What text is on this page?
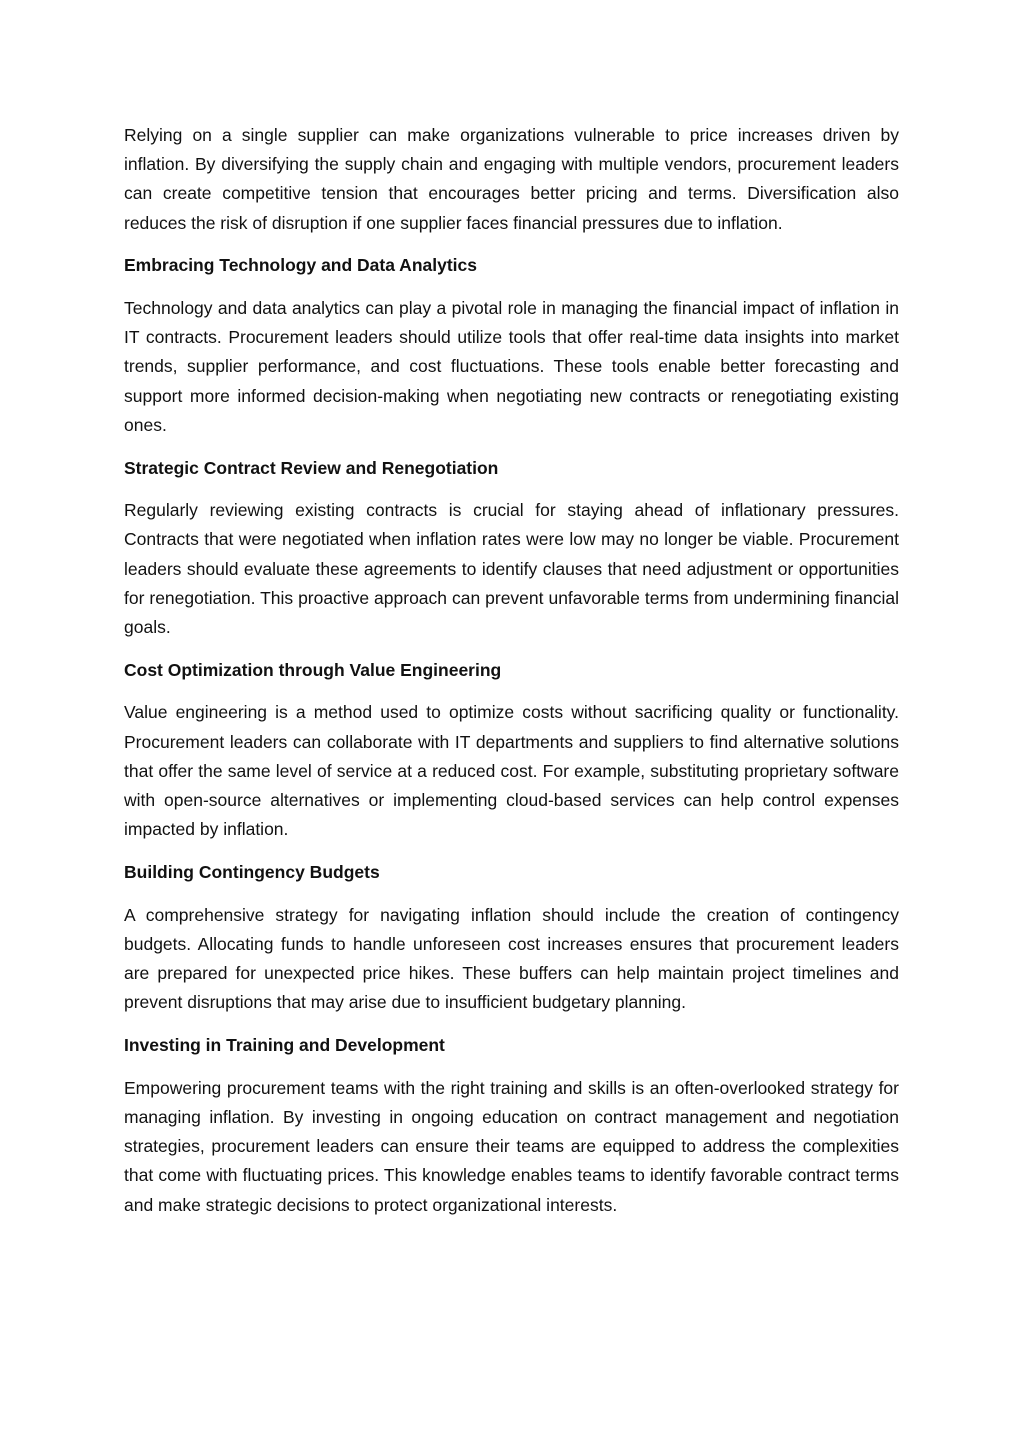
Relying on a single supplier can make organizations vulnerable to price increases driven by inflation. By diversifying the supply chain and engaging with multiple vendors, procurement leaders can create competitive tension that encourages better pricing and terms. Diversification also reduces the risk of disruption if one supplier faces financial pressures due to inflation.

Embracing Technology and Data Analytics

Technology and data analytics can play a pivotal role in managing the financial impact of inflation in IT contracts. Procurement leaders should utilize tools that offer real-time data insights into market trends, supplier performance, and cost fluctuations. These tools enable better forecasting and support more informed decision-making when negotiating new contracts or renegotiating existing ones.

Strategic Contract Review and Renegotiation

Regularly reviewing existing contracts is crucial for staying ahead of inflationary pressures. Contracts that were negotiated when inflation rates were low may no longer be viable. Procurement leaders should evaluate these agreements to identify clauses that need adjustment or opportunities for renegotiation. This proactive approach can prevent unfavorable terms from undermining financial goals.

Cost Optimization through Value Engineering

Value engineering is a method used to optimize costs without sacrificing quality or functionality. Procurement leaders can collaborate with IT departments and suppliers to find alternative solutions that offer the same level of service at a reduced cost. For example, substituting proprietary software with open-source alternatives or implementing cloud-based services can help control expenses impacted by inflation.

Building Contingency Budgets

A comprehensive strategy for navigating inflation should include the creation of contingency budgets. Allocating funds to handle unforeseen cost increases ensures that procurement leaders are prepared for unexpected price hikes. These buffers can help maintain project timelines and prevent disruptions that may arise due to insufficient budgetary planning.

Investing in Training and Development

Empowering procurement teams with the right training and skills is an often-overlooked strategy for managing inflation. By investing in ongoing education on contract management and negotiation strategies, procurement leaders can ensure their teams are equipped to address the complexities that come with fluctuating prices. This knowledge enables teams to identify favorable contract terms and make strategic decisions to protect organizational interests.
